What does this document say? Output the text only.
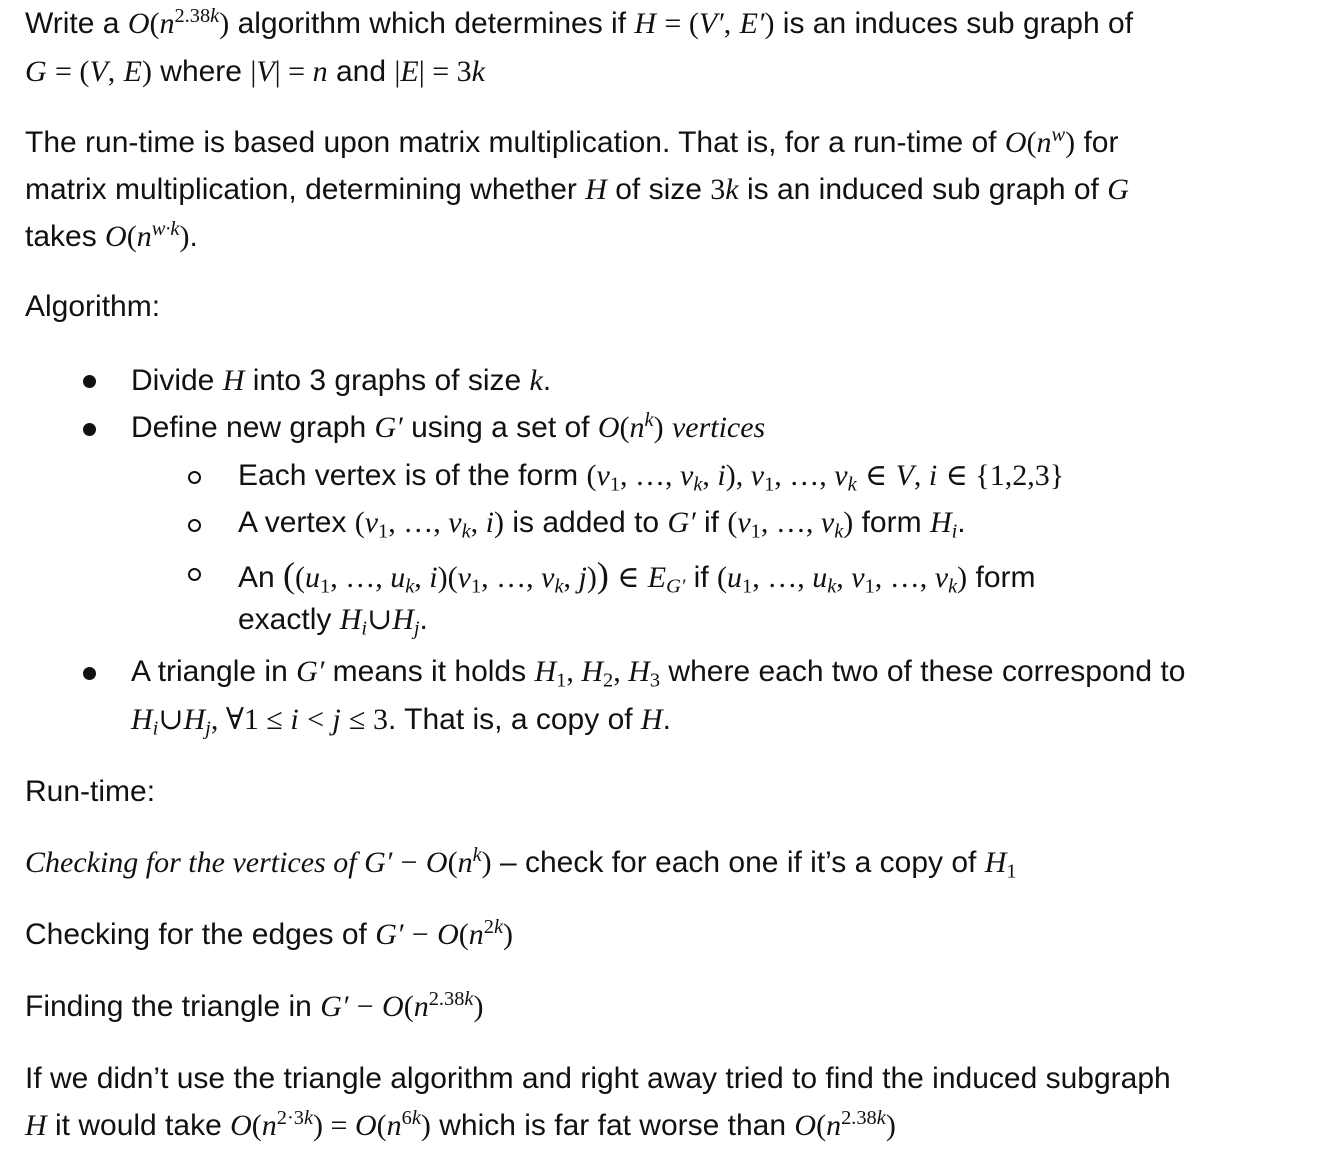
Write a $O(n^{2.38k})$ algorithm which determines if H = (V′, E′) is an induces sub graph of
G = (V, E) where |V| = n and |E| = 3k
The run-time is based upon matrix multiplication. That is, for a run-time of $O(n^w)$ for
matrix multiplication, determining whether H of size 3k is an induced sub graph of G
takes $O(n^{w\cdot k})$.
Algorithm:
Divide H into 3 graphs of size k.
Define new graph G′ using a set of $O(n^k)$ vertices
Each vertex is of the form ($v_1$, …, $v_k$, i), $v_1$, …, $v_k$ ∈ V, i ∈ {1,2,3}
A vertex ($v_1$, …, $v_k$, i) is added to G′ if ($v_1$, …, $v_k$) form $H_i$.
An (($u_1$, …, $u_k$, $i)(v_1$, …, $v_k$, j)) ∈ $E_{G'}$ if ($u_1$, …, $u_k$, $v_1$, …, $v_k$) form
exactly $H_i\cup H_j$.
A triangle in G′ means it holds $H_1$, $H_2$, $H_3$ where each two of these correspond to
$H_i\cup H_j$, ∀1 ≤ i < j ≤ 3. That is, a copy of H.
Run-time:
Checking for the vertices of $G' - O(n^k)$ – check for each one if it’s a copy of $H_1$
Checking for the edges of $G' - O(n^{2k})$
Finding the triangle in $G' - O(n^{2.38k})$
If we didn’t use the triangle algorithm and right away tried to find the induced subgraph
H it would take $O(n^{2\cdot 3k}) = O(n^{6k})$ which is far fat worse than $O(n^{2.38k})$
